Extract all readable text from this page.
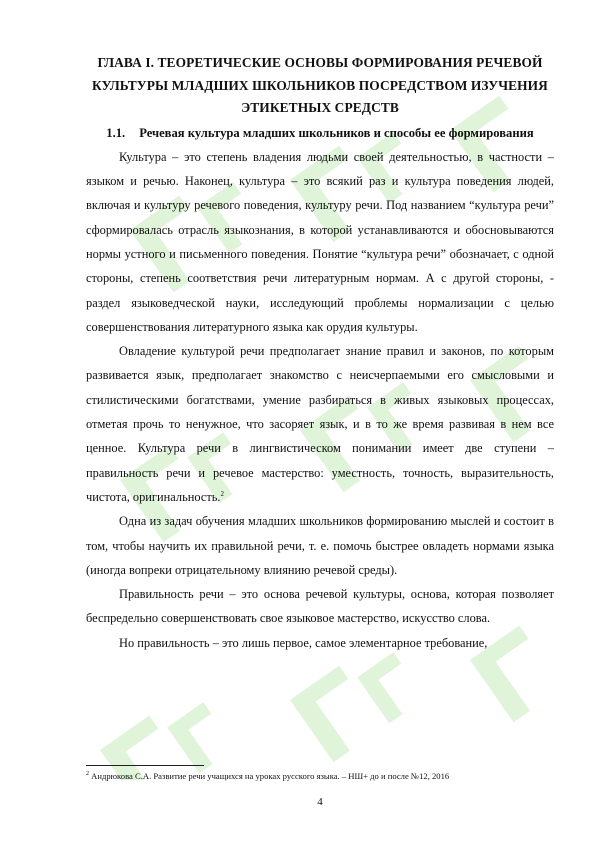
ГЛАВА I. ТЕОРЕТИЧЕСКИЕ ОСНОВЫ ФОРМИРОВАНИЯ РЕЧЕВОЙ КУЛЬТУРЫ МЛАДШИХ ШКОЛЬНИКОВ ПОСРЕДСТВОМ ИЗУЧЕНИЯ ЭТИКЕТНЫХ СРЕДСТВ
1.1. Речевая культура младших школьников и способы ее формирования

Культура – это степень владения людьми своей деятельностью, в частности – языком и речью. Наконец, культура – это всякий раз и культура поведения людей, включая и культуру речевого поведения, культуру речи. Под названием “культура речи” сформировалась отрасль языкознания, в которой устанавливаются и обосновываются нормы устного и письменного поведения. Понятие “культура речи” обозначает, с одной стороны, степень соответствия речи литературным нормам. А с другой стороны, - раздел языковедческой науки, исследующий проблемы нормализации с целью совершенствования литературного языка как орудия культуры.

Овладение культурой речи предполагает знание правил и законов, по которым развивается язык, предполагает знакомство с неисчерпаемыми его смысловыми и стилистическими богатствами, умение разбираться в живых языковых процессах, отметая прочь то ненужное, что засоряет язык, и в то же время развивая в нем все ценное. Культура речи в лингвистическом понимании имеет две ступени – правильность речи и речевое мастерство: уместность, точность, выразительность, чистота, оригинальность.$^2$

Одна из задач обучения младших школьников формированию мыслей и состоит в том, чтобы научить их правильной речи, т. е. помочь быстрее овладеть нормами языка (иногда вопреки отрицательному влиянию речевой среды).

Правильность речи – это основа речевой культуры, основа, которая позволяет беспредельно совершенствовать свое языковое мастерство, искусство слова.

Но правильность – это лишь первое, самое элементарное требование,

$^2$ Андрюкова С.А. Развитие речи учащихся на уроках русского языка. – НШ+ до и после №12, 2016
4
